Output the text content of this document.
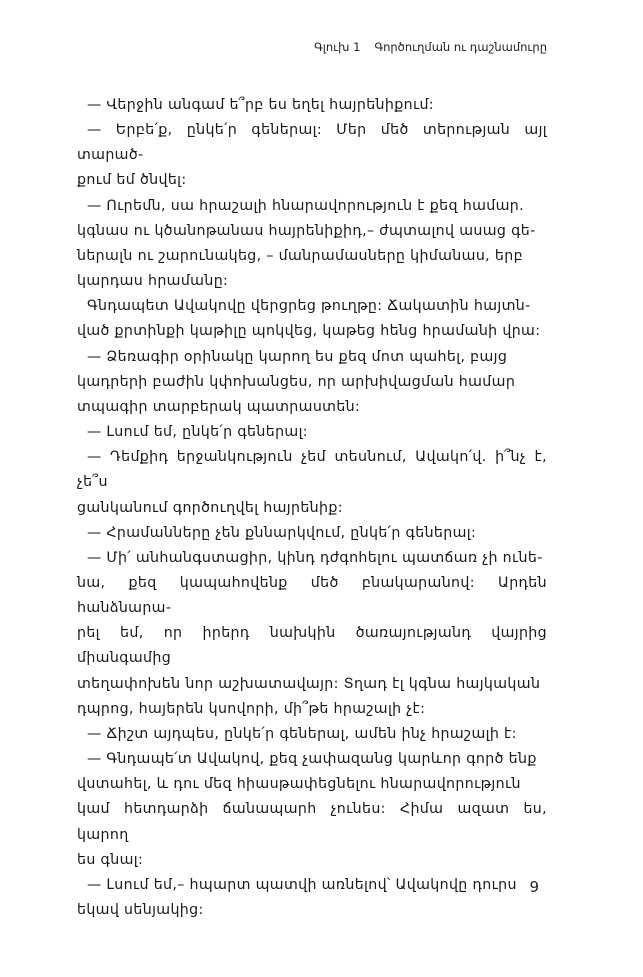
Գլուխ 1 Գործուղման ու դաշնամուրը

— Վերջին անգամ ե՞րբ ես եղել հայրենիքում:

— Երբե՛ք, ընկե՛ր գեներալ: Մեր մեծ տերության այլ տարած-

քում եմ ծնվել:

— Ուրեմն, սա հրաշալի հնարավորություն է քեզ համար.

կգնաս ու կծանոթանաս հայրենիքիդ,– ժպտալով ասաց գե-

ներալն ու շարունակեց, – մանրամասները կիմանաս, երբ

կարդաս հրամանը:

Գնդապետ Ավակովը վերցրեց թուղթը: Ճակատին հայտն-

ված քրտինքի կաթիլը պոկվեց, կաթեց հենց հրամանի վրա:

— Ձեռագիր օրինակը կարող ես քեզ մոտ պահել, բայց

կադրերի բաժին կփոխանցես, որ արխիվացման համար

տպագիր տարբերակ պատրաստեն:

— Լսում եմ, ընկե՛ր գեներալ:

— Դեմքիդ երջանկություն չեմ տեսնում, Ավակո՛վ. ի՞նչ է, չե՞ս

ցանկանում գործուղվել հայրենիք:

— Հրամանները չեն քննարկվում, ընկե՛ր գեներալ:

— Մի՛ անհանգստացիր, կինդ դժգոհելու պատճառ չի ունե-

նա, քեզ կապահովենք մեծ բնակարանով: Արդեն հանձնարա-

րել եմ, որ իրերդ նախկին ծառայությանդ վայրից միանգամից

տեղափոխեն նոր աշխատավայր: Տղադ էլ կգնա հայկական

դպրոց, հայերեն կսովորի, մի՞թե հրաշալի չէ:

— Ճիշտ այդպես, ընկե՛ր գեներալ, ամեն ինչ հրաշալի է:

— Գնդապե՛տ Ավակով, քեզ չափազանց կարևոր գործ ենք

վստահել, և դու մեզ հիասթափեցնելու հնարավորություն

կամ հետդարձի ճանապարհ չունես: Հիմա ազատ ես, կարող

ես գնալ:

— Լսում եմ,– հպարտ պատվի առնելով՝ Ավակովը դուրս

եկավ սենյակից:

9
